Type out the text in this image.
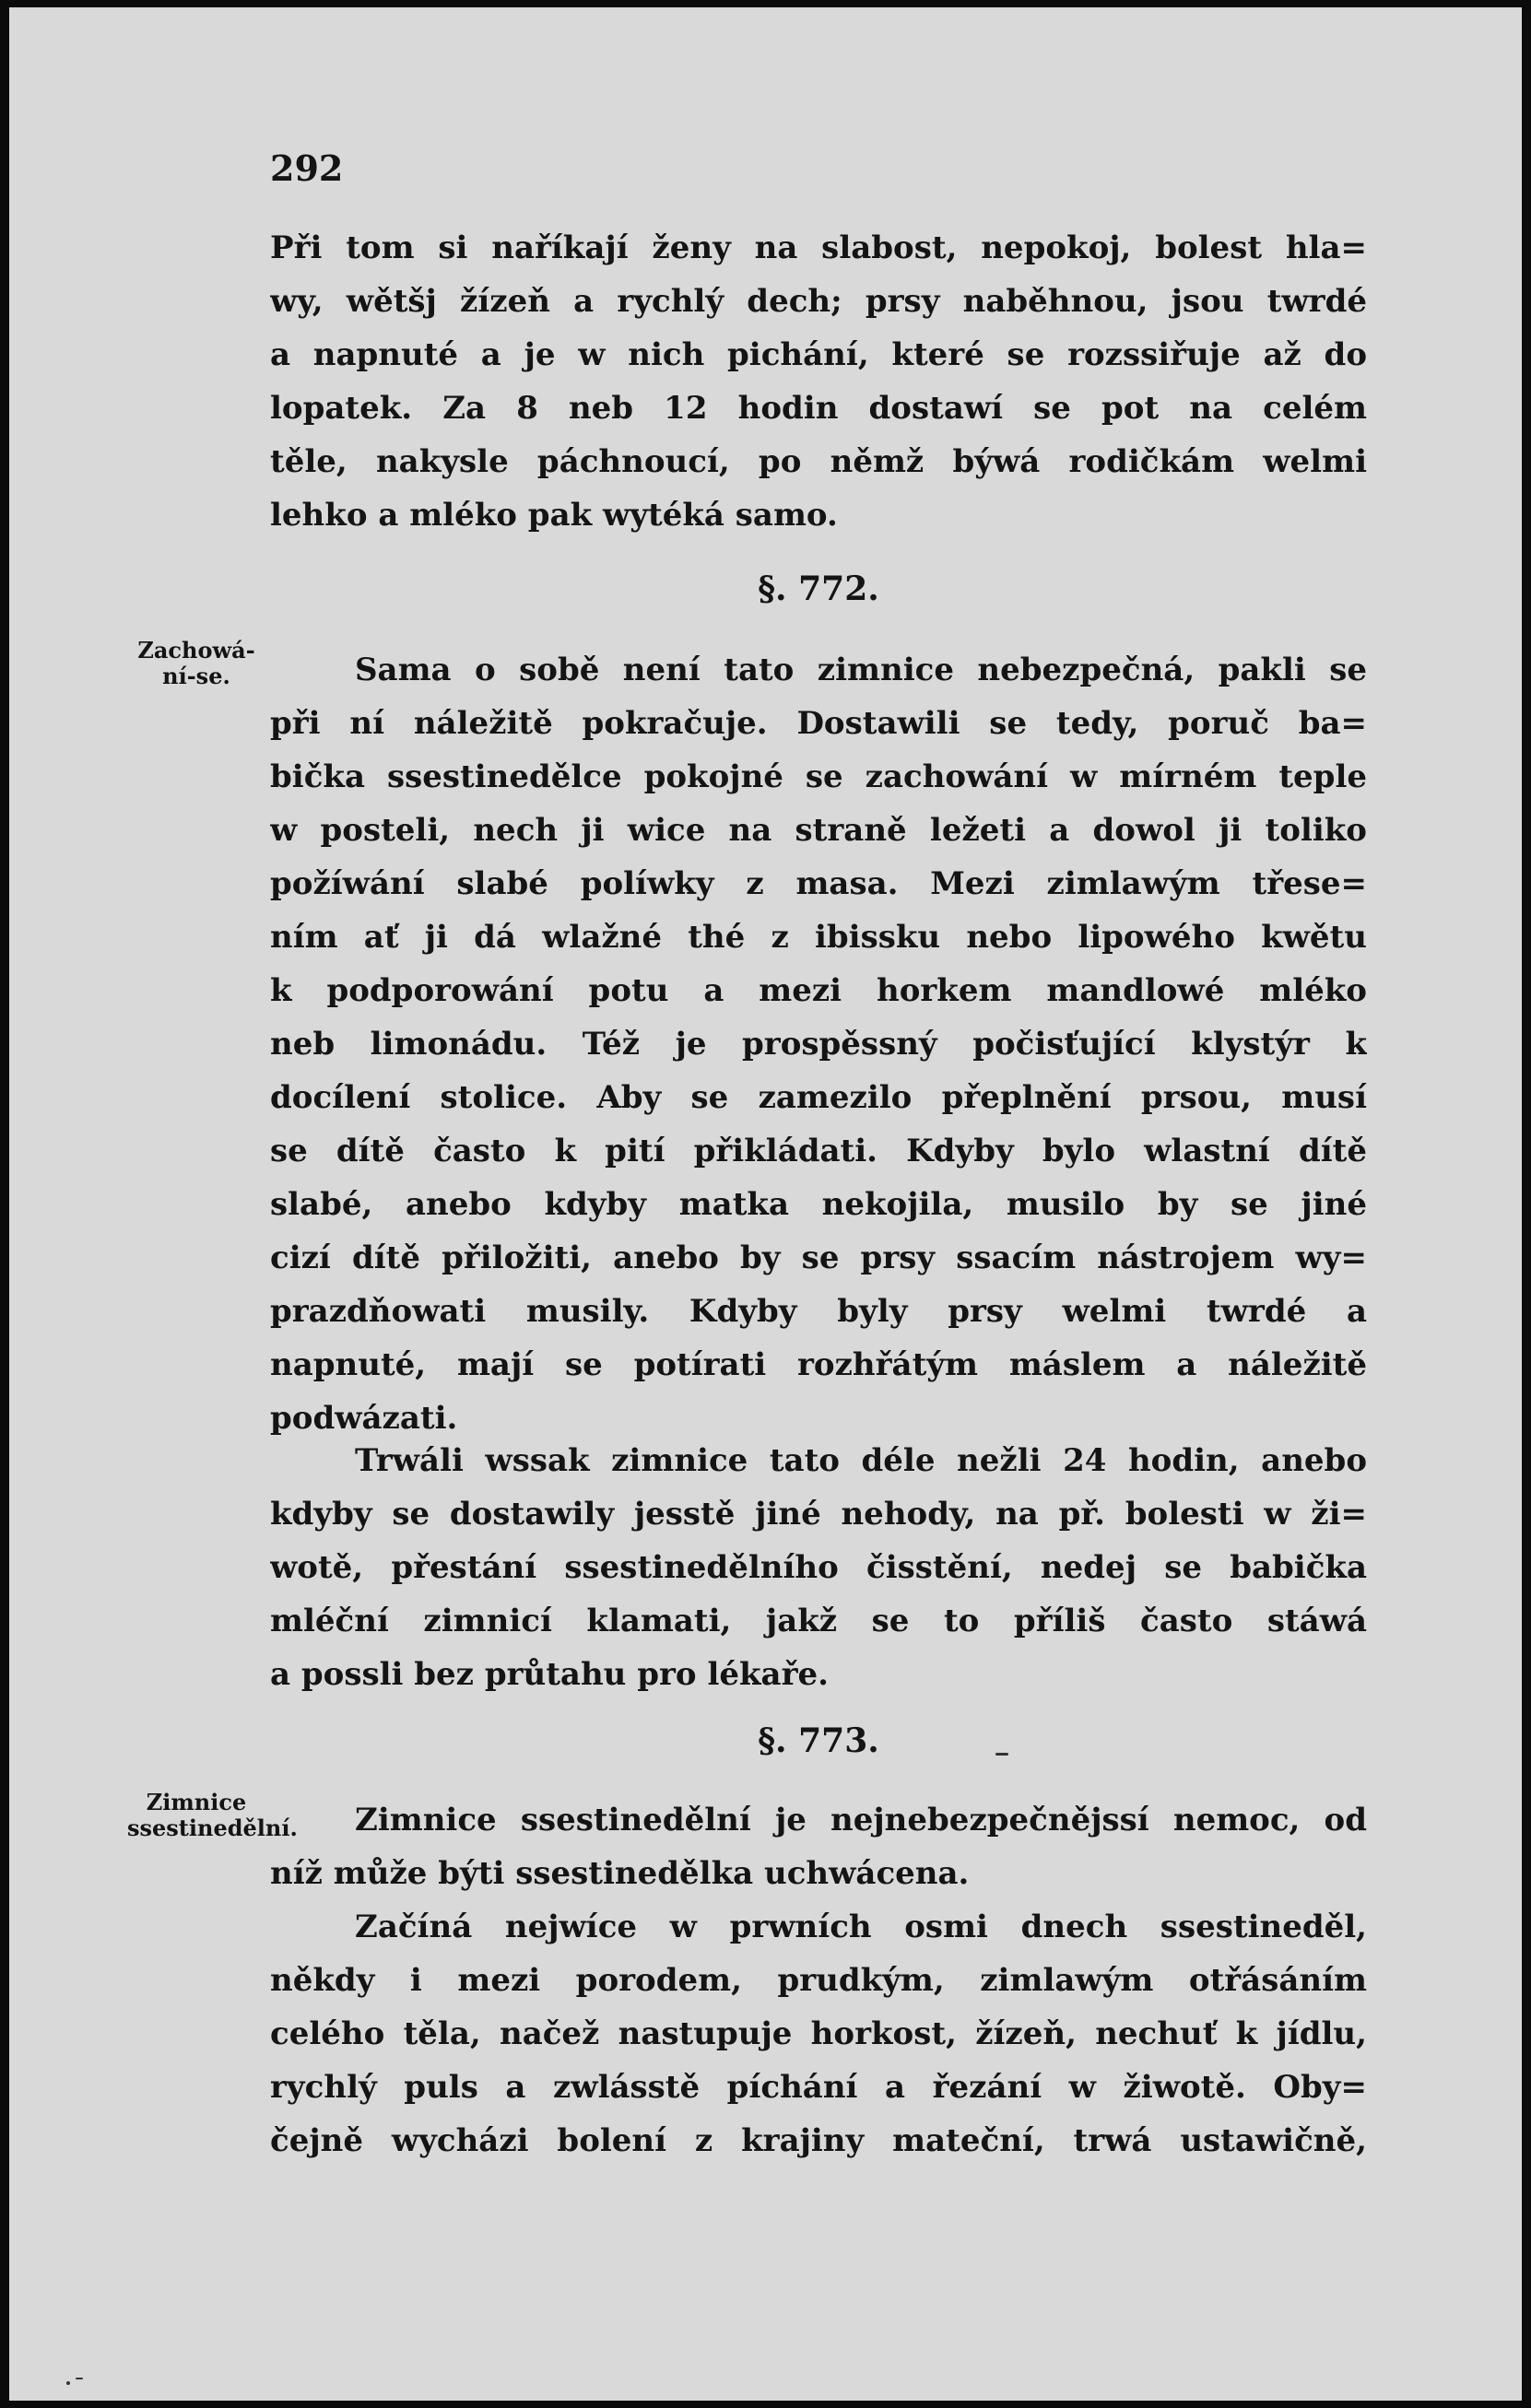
292
Při tom si naříkají ženy na slabost, nepokoj, bolest hla=
wy, wětšj žízeň a rychlý dech; prsy naběhnou, jsou twrdé
a napnuté a je w nich pichání, které se rozssiřuje až do
lopatek. Za 8 neb 12 hodin dostawí se pot na celém
těle, nakysle páchnoucí, po němž býwá rodičkám welmi
lehko a mléko pak wytéká samo.
§. 772.
Zachowá-ní-se.	Sama o sobě není tato zimnice nebezpečná, pakli se
při ní náležitě pokračuje. Dostawili se tedy, poruč ba=
bička ssestinedělce pokojné se zachowání w mírném teple
w posteli, nech ji wice na straně ležeti a dowol ji toliko
požíwání slabé políwky z masa. Mezi zimlawým třese=
ním ať ji dá wlažné thé z ibissku nebo lipowého kwětu
k podporowání potu a mezi horkem mandlowé mléko
neb limonádu. Též je prospěssný počisťující klystýr k
docílení stolice. Aby se zamezilo přeplnění prsou, musí
se dítě často k pití přikládati. Kdyby bylo wlastní dítě
slabé, anebo kdyby matka nekojila, musilo by se jiné
cizí dítě přiložiti, anebo by se prsy ssacím nástrojem wy=
prazdňowati musily. Kdyby byly prsy welmi twrdé a
napnuté, mají se potírati rozhřátým máslem a náležitě
podwázati.
Trwáli wssak zimnice tato déle nežli 24 hodin, anebo
kdyby se dostawily jesstě jiné nehody, na př. bolesti w ži=
wotě, přestání ssestinedělního čisstění, nedej se babička
mléční zimnicí klamati, jakž se to příliš často stáwá
a possli bez průtahu pro lékaře.
§. 773.
Zimnice ssestinedělní.	Zimnice ssestinedělní je nejnebezpečnějssí nemoc, od
níž může býti ssestinedělka uchwácena.
Začíná nejwíce w prwních osmi dnech ssestineděl,
někdy i mezi porodem, prudkým, zimlawým otřásáním
celého těla, načež nastupuje horkost, žízeň, nechuť k jídlu,
rychlý puls a zwlásstě píchání a řezání w žiwotě. Oby=
čejně wycházi bolení z krajiny mateční, trwá ustawičně,
